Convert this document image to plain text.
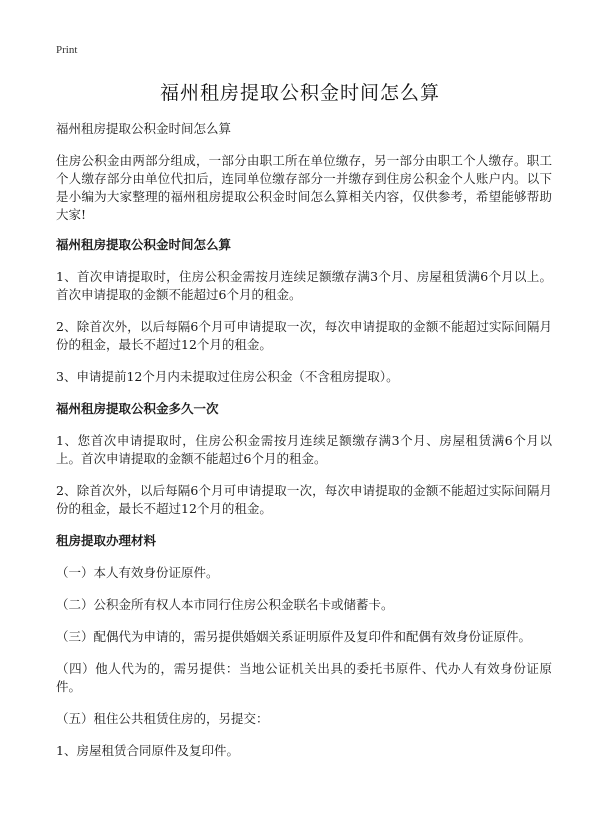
Print
福州租房提取公积金时间怎么算
福州租房提取公积金时间怎么算

住房公积金由两部分组成，一部分由职工所在单位缴存，另一部分由职工个人缴存。职工个人缴存部分由单位代扣后，连同单位缴存部分一并缴存到住房公积金个人账户内。以下是小编为大家整理的福州租房提取公积金时间怎么算相关内容，仅供参考，希望能够帮助大家!

福州租房提取公积金时间怎么算
1、首次申请提取时，住房公积金需按月连续足额缴存满3个月、房屋租赁满6个月以上。首次申请提取的金额不能超过6个月的租金。
2、除首次外，以后每隔6个月可申请提取一次，每次申请提取的金额不能超过实际间隔月份的租金，最长不超过12个月的租金。
3、申请提前12个月内未提取过住房公积金（不含租房提取）。
福州租房提取公积金多久一次
1、您首次申请提取时，住房公积金需按月连续足额缴存满3个月、房屋租赁满6个月以上。首次申请提取的金额不能超过6个月的租金。
2、除首次外，以后每隔6个月可申请提取一次，每次申请提取的金额不能超过实际间隔月份的租金，最长不超过12个月的租金。
租房提取办理材料
（一）本人有效身份证原件。
（二）公积金所有权人本市同行住房公积金联名卡或储蓄卡。
（三）配偶代为申请的，需另提供婚姻关系证明原件及复印件和配偶有效身份证原件。
（四）他人代为的，需另提供：当地公证机关出具的委托书原件、代办人有效身份证原件。
（五）租住公共租赁住房的，另提交：
1、房屋租赁合同原件及复印件。
